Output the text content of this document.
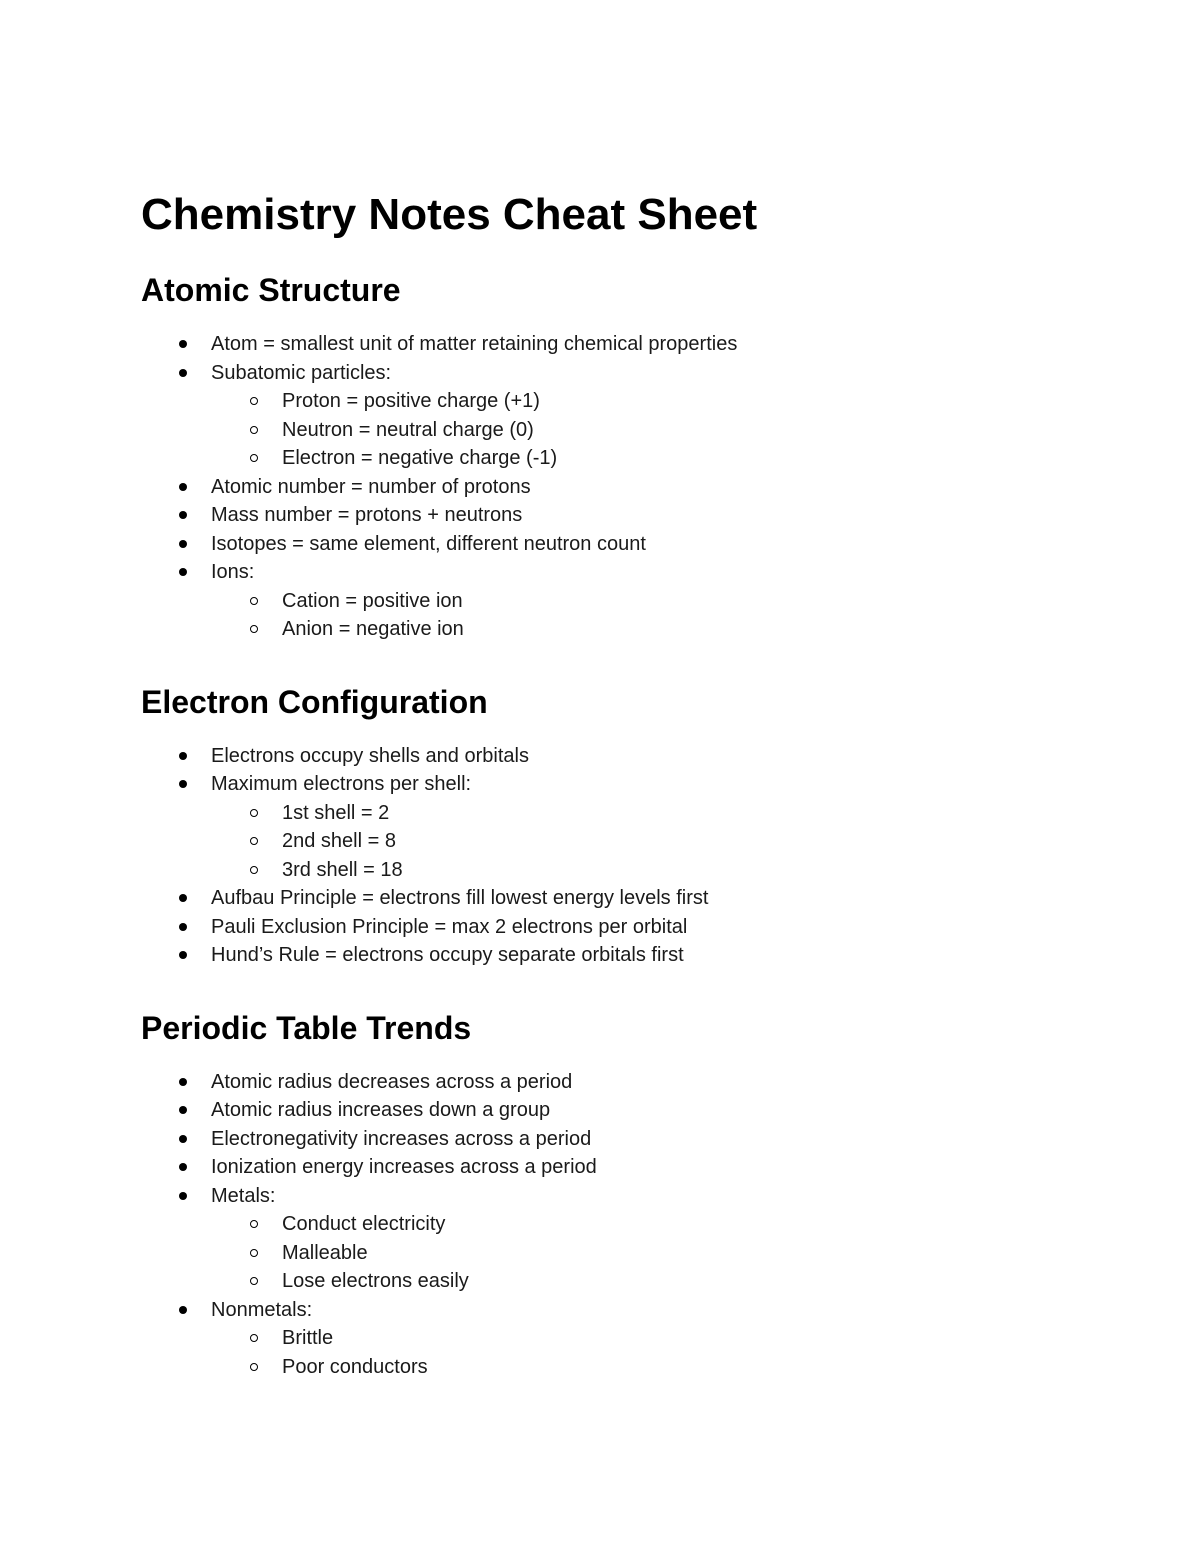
Chemistry Notes Cheat Sheet
Atomic Structure
Atom = smallest unit of matter retaining chemical properties
Subatomic particles:
Proton = positive charge (+1)
Neutron = neutral charge (0)
Electron = negative charge (-1)
Atomic number = number of protons
Mass number = protons + neutrons
Isotopes = same element, different neutron count
Ions:
Cation = positive ion
Anion = negative ion
Electron Configuration
Electrons occupy shells and orbitals
Maximum electrons per shell:
1st shell = 2
2nd shell = 8
3rd shell = 18
Aufbau Principle = electrons fill lowest energy levels first
Pauli Exclusion Principle = max 2 electrons per orbital
Hund’s Rule = electrons occupy separate orbitals first
Periodic Table Trends
Atomic radius decreases across a period
Atomic radius increases down a group
Electronegativity increases across a period
Ionization energy increases across a period
Metals:
Conduct electricity
Malleable
Lose electrons easily
Nonmetals:
Brittle
Poor conductors
